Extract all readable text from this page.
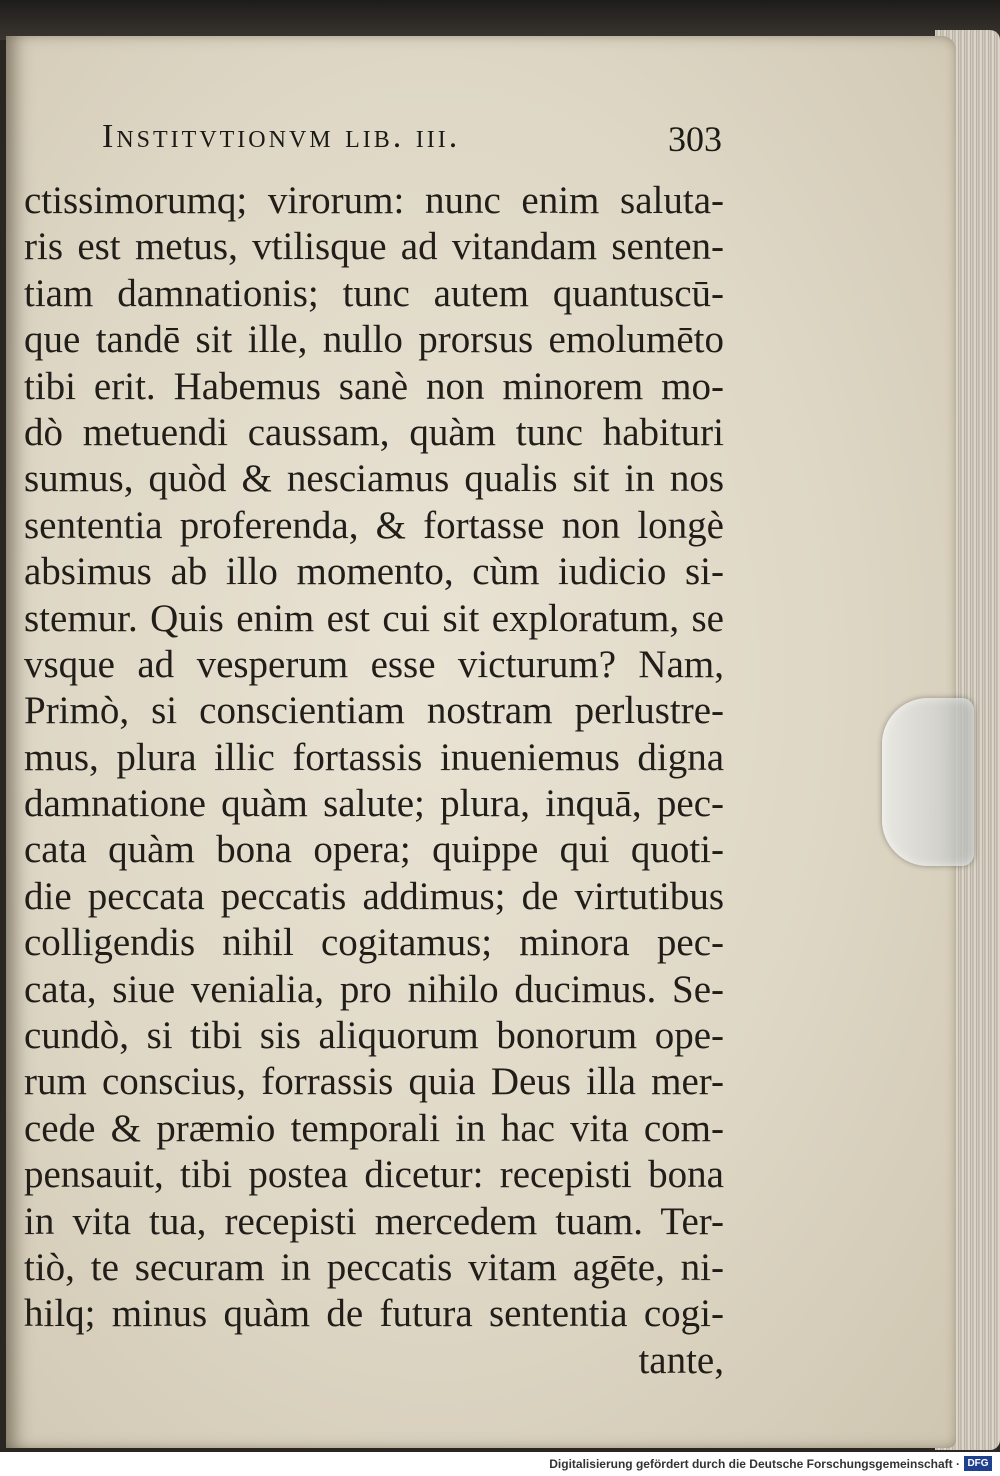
Institvtionvm lib. iii.	303
ctissimorumq; virorum: nunc enim saluta-
ris est metus, vtilisque ad vitandam senten-
tiam damnationis; tunc autem quantuscū-
que tandē sit ille, nullo prorsus emolumēto
tibi erit. Habemus sanè non minorem mo-
dò metuendi caussam, quàm tunc habituri
sumus, quòd & nesciamus qualis sit in nos
sententia proferenda, & fortasse non longè
absimus ab illo momento, cùm iudicio si-
stemur. Quis enim est cui sit exploratum, se
vsque ad vesperum esse victurum? Nam,
Primò, si conscientiam nostram perlustre-
mus, plura illic fortassis inueniemus digna
damnatione quàm salute; plura, inquā, pec-
cata quàm bona opera; quippe qui quoti-
die peccata peccatis addimus; de virtutibus
colligendis nihil cogitamus; minora pec-
cata, siue venialia, pro nihilo ducimus. Se-
cundò, si tibi sis aliquorum bonorum ope-
rum conscius, forrassis quia Deus illa mer-
cede & præmio temporali in hac vita com-
pensauit, tibi postea dicetur: recepisti bona
in vita tua, recepisti mercedem tuam. Ter-
tiò, te securam in peccatis vitam agēte, ni-
hilq; minus quàm de futura sententia cogi-
tante,
Digitalisierung gefördert durch die Deutsche Forschungsgemeinschaft · DFG
